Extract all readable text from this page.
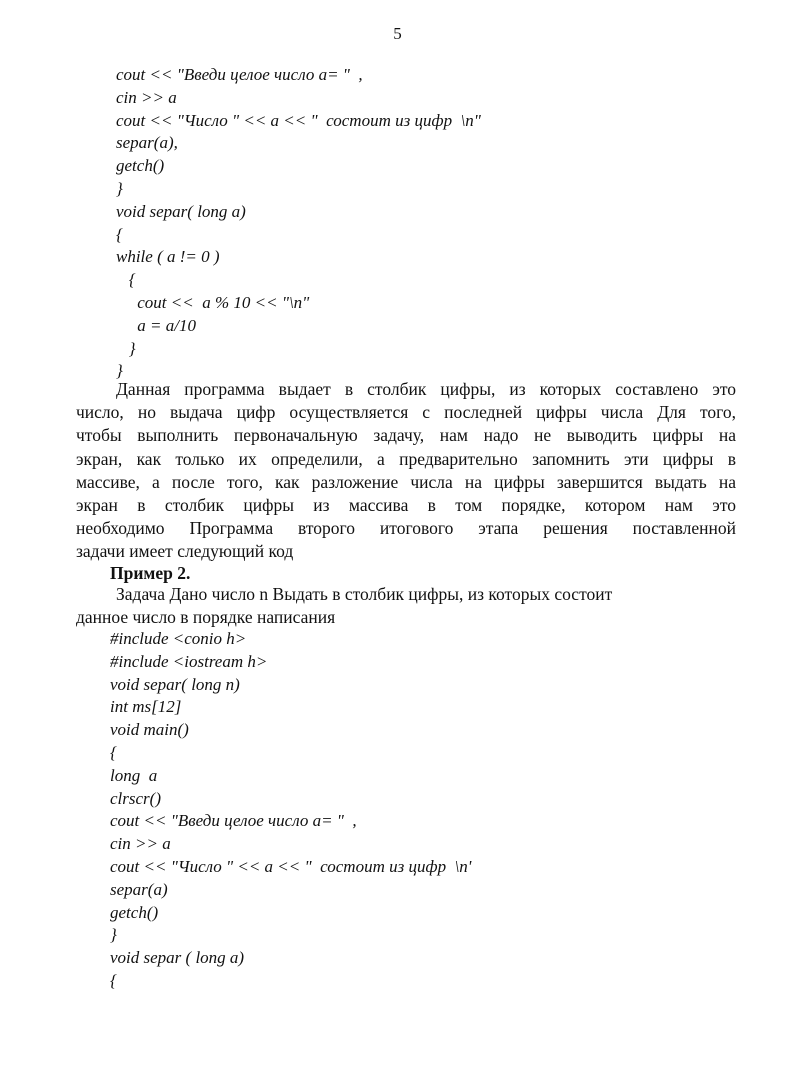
5
cout << "Введи целое число a= "  ,
cin >> a
cout << "Число " << a << "  состоит из цифр  \n"
separ(a),
getch()
}
void separ( long a)
{
while ( a != 0 )
{
cout <<  a % 10 << "\n"
a = a/10
}
}
Данная программа выдает в столбик цифры, из которых составлено это
число, но выдача цифр осуществляется с последней цифры числа Для того,
чтобы выполнить первоначальную задачу, нам надо не выводить цифры на
экран, как только их определили, а предварительно запомнить эти цифры в
массиве, а после того, как разложение числа на цифры завершится выдать на
экран в столбик цифры из массива в том порядке, котором нам это
необходимо Программа второго итогового этапа решения поставленной
задачи имеет следующий код
Пример 2.
Задача Дано число n Выдать в столбик цифры, из которых состоит
данное число в порядке написания
#include <conio h>
#include <iostream h>
void separ( long n)
int ms[12]
void main()
{
long  a
clrscr()
cout << "Введи целое число a= "  ,
cin >> a
cout << "Число " << a << "  состоит из цифр  \n'
separ(a)
getch()
}
void separ ( long a)
{
